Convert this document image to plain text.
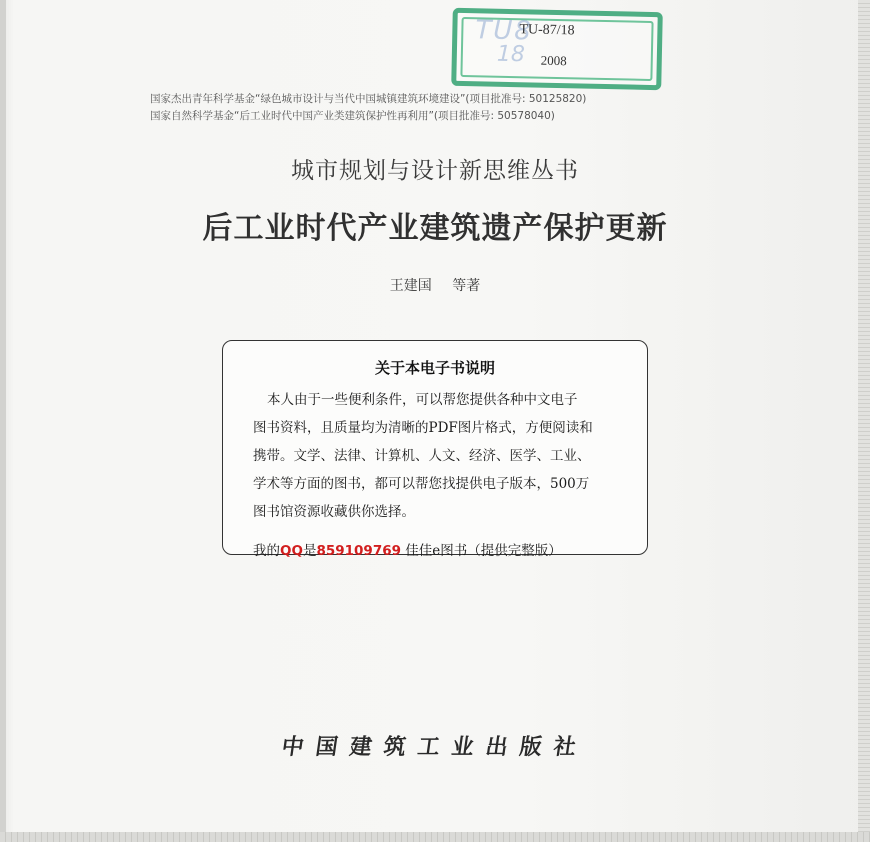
TU8
18
TU-87/18
2008
国家杰出青年科学基金“绿色城市设计与当代中国城镇建筑环境建设”(项目批准号: 50125820)
国家自然科学基金“后工业时代中国产业类建筑保护性再利用”(项目批准号: 50578040)
城市规划与设计新思维丛书
后工业时代产业建筑遗产保护更新
王建国 等著
关于本电子书说明
本人由于一些便利条件，可以帮您提供各种中文电子
图书资料，且质量均为清晰的PDF图片格式，方便阅读和
携带。文学、法律、计算机、人文、经济、医学、工业、
学术等方面的图书，都可以帮您找提供电子版本，500万
图书馆资源收藏供你选择。
我的QQ是859109769 佳佳e图书（提供完整版）
中国建筑工业出版社
